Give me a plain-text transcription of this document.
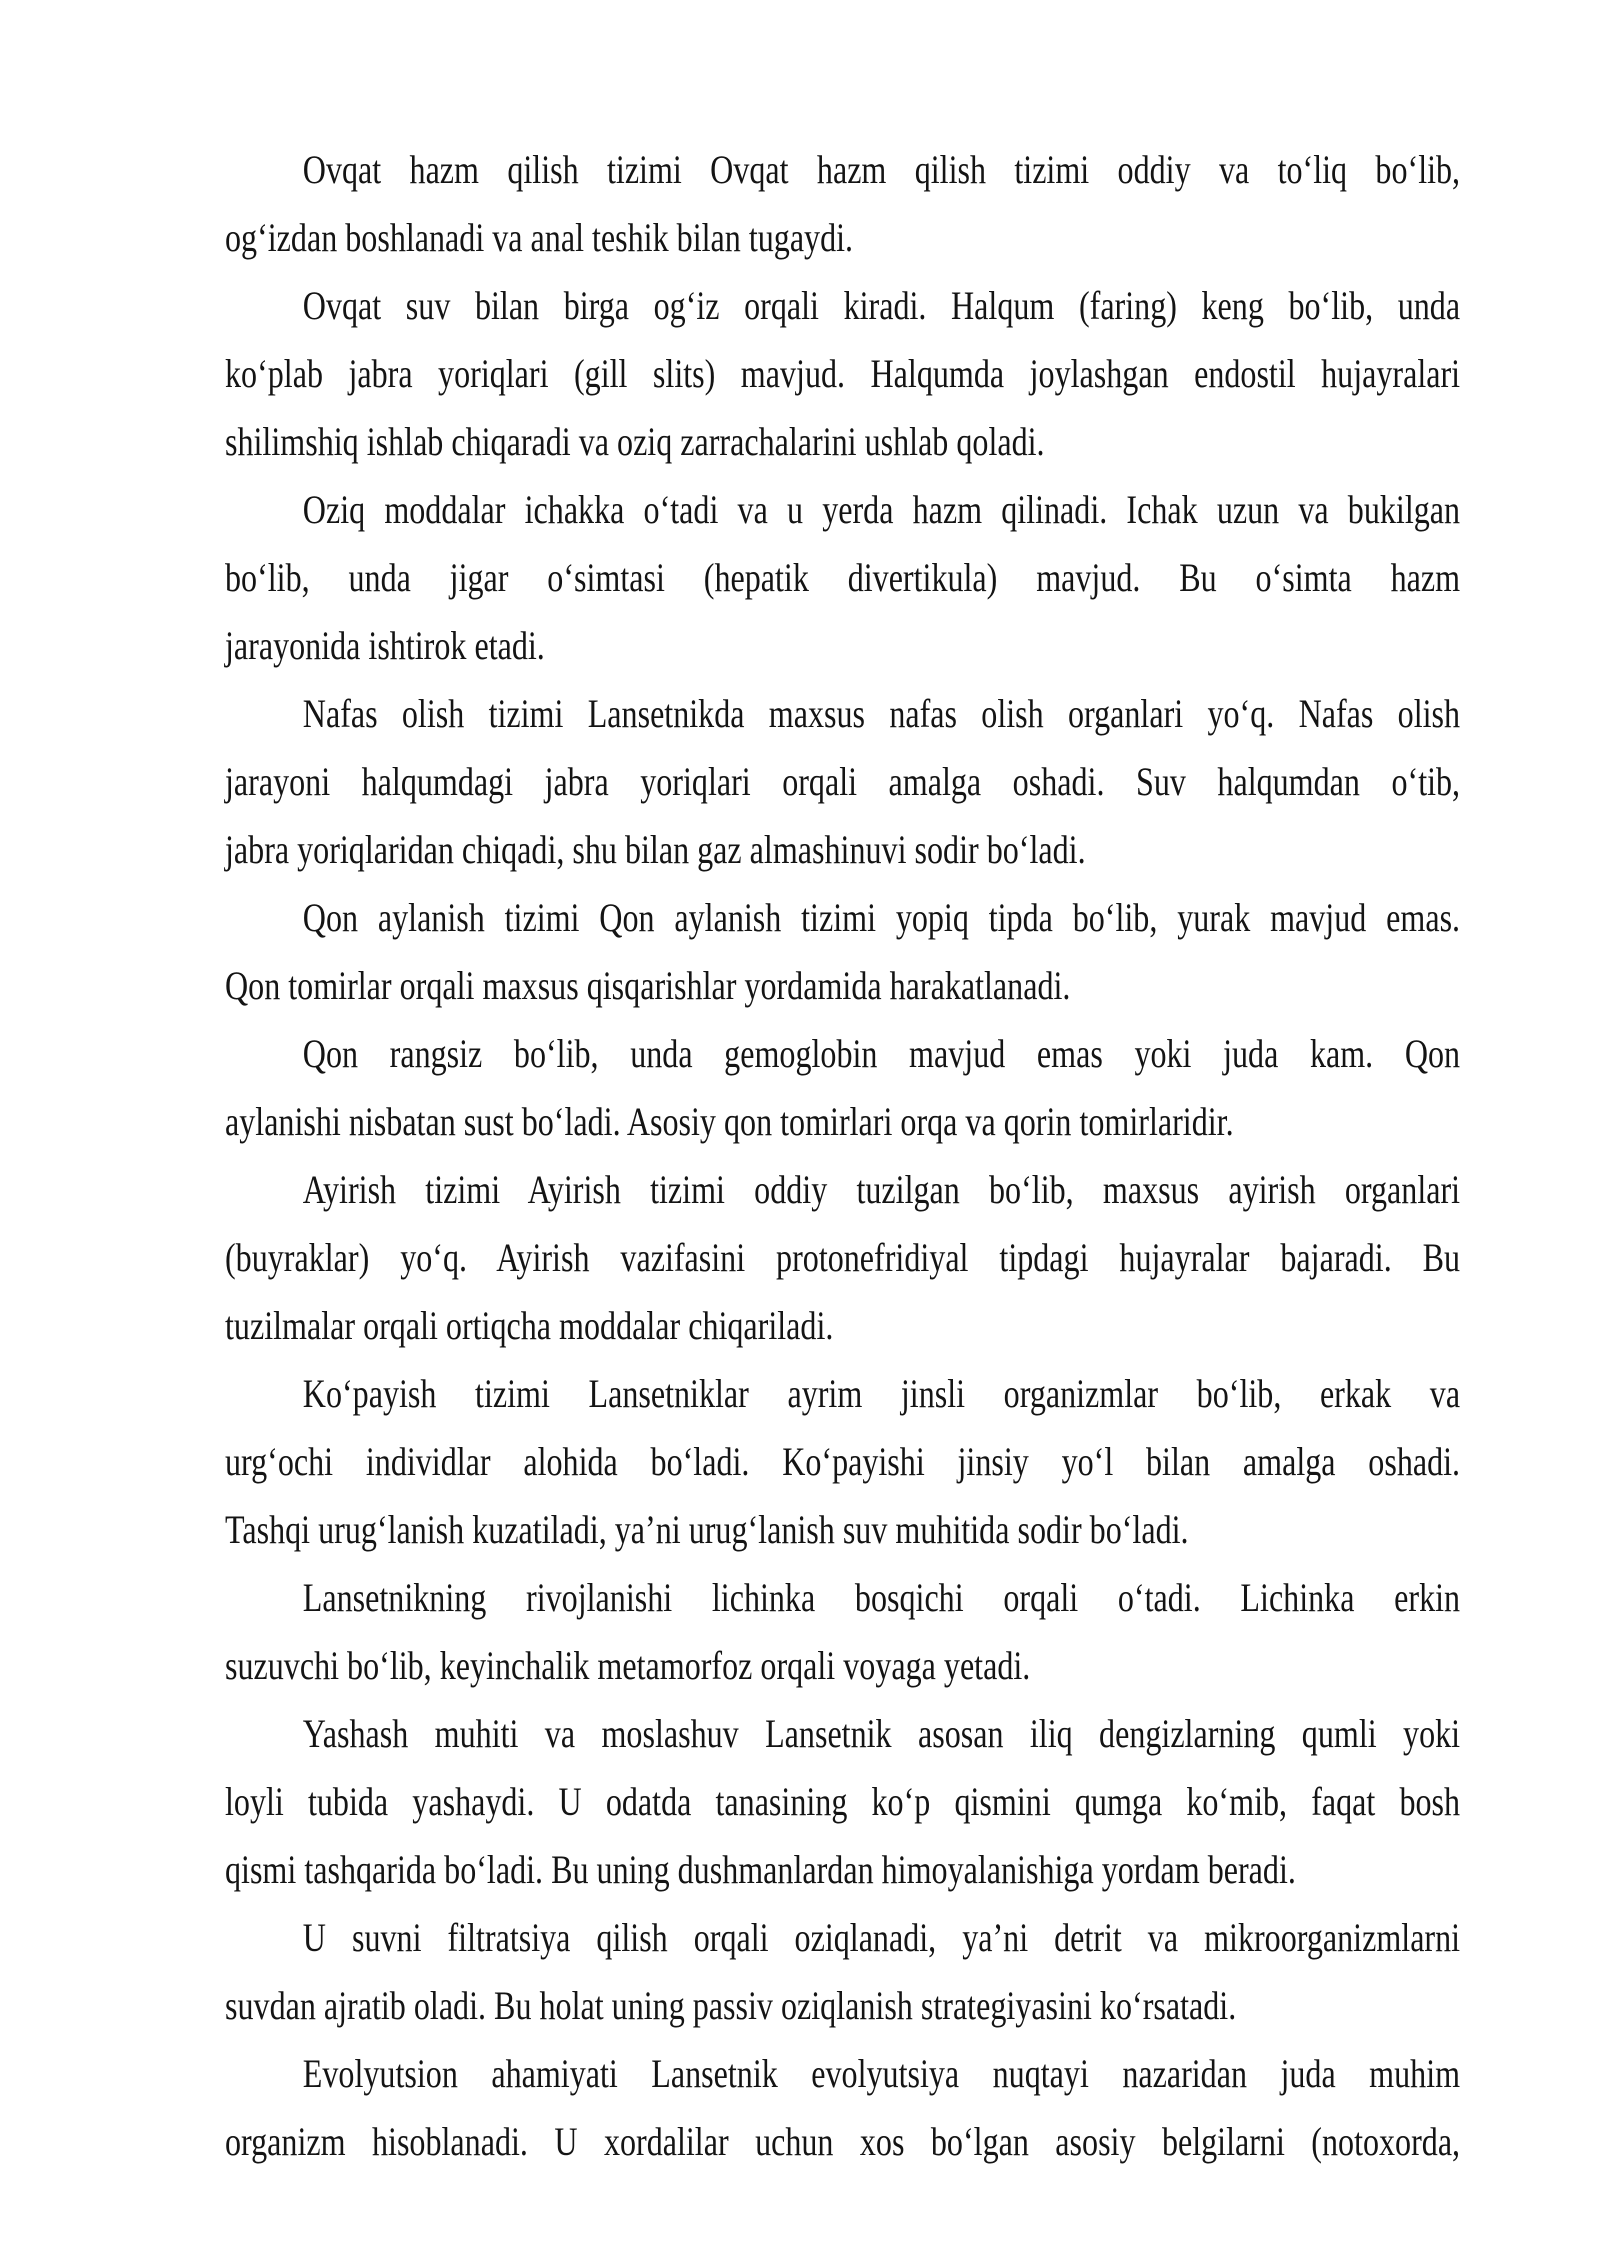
Ovqat hazm qilish tizimi Ovqat hazm qilish tizimi oddiy va to‘liq bo‘lib,
og‘izdan boshlanadi va anal teshik bilan tugaydi.
Ovqat suv bilan birga og‘iz orqali kiradi. Halqum (faring) keng bo‘lib, unda
ko‘plab jabra yoriqlari (gill slits) mavjud. Halqumda joylashgan endostil hujayralari
shilimshiq ishlab chiqaradi va oziq zarrachalarini ushlab qoladi.
Oziq moddalar ichakka o‘tadi va u yerda hazm qilinadi. Ichak uzun va bukilgan
bo‘lib, unda jigar o‘simtasi (hepatik divertikula) mavjud. Bu o‘simta hazm
jarayonida ishtirok etadi.
Nafas olish tizimi Lansetnikda maxsus nafas olish organlari yo‘q. Nafas olish
jarayoni halqumdagi jabra yoriqlari orqali amalga oshadi. Suv halqumdan o‘tib,
jabra yoriqlaridan chiqadi, shu bilan gaz almashinuvi sodir bo‘ladi.
Qon aylanish tizimi Qon aylanish tizimi yopiq tipda bo‘lib, yurak mavjud emas.
Qon tomirlar orqali maxsus qisqarishlar yordamida harakatlanadi.
Qon rangsiz bo‘lib, unda gemoglobin mavjud emas yoki juda kam. Qon
aylanishi nisbatan sust bo‘ladi. Asosiy qon tomirlari orqa va qorin tomirlaridir.
Ayirish tizimi Ayirish tizimi oddiy tuzilgan bo‘lib, maxsus ayirish organlari
(buyraklar) yo‘q. Ayirish vazifasini protonefridiyal tipdagi hujayralar bajaradi. Bu
tuzilmalar orqali ortiqcha moddalar chiqariladi.
Ko‘payish tizimi Lansetniklar ayrim jinsli organizmlar bo‘lib, erkak va
urg‘ochi individlar alohida bo‘ladi. Ko‘payishi jinsiy yo‘l bilan amalga oshadi.
Tashqi urug‘lanish kuzatiladi, ya’ni urug‘lanish suv muhitida sodir bo‘ladi.
Lansetnikning rivojlanishi lichinka bosqichi orqali o‘tadi. Lichinka erkin
suzuvchi bo‘lib, keyinchalik metamorfoz orqali voyaga yetadi.
Yashash muhiti va moslashuv Lansetnik asosan iliq dengizlarning qumli yoki
loyli tubida yashaydi. U odatda tanasining ko‘p qismini qumga ko‘mib, faqat bosh
qismi tashqarida bo‘ladi. Bu uning dushmanlardan himoyalanishiga yordam beradi.
U suvni filtratsiya qilish orqali oziqlanadi, ya’ni detrit va mikroorganizmlarni
suvdan ajratib oladi. Bu holat uning passiv oziqlanish strategiyasini ko‘rsatadi.
Evolyutsion ahamiyati Lansetnik evolyutsiya nuqtayi nazaridan juda muhim
organizm hisoblanadi. U xordalilar uchun xos bo‘lgan asosiy belgilarni (notoxorda,
